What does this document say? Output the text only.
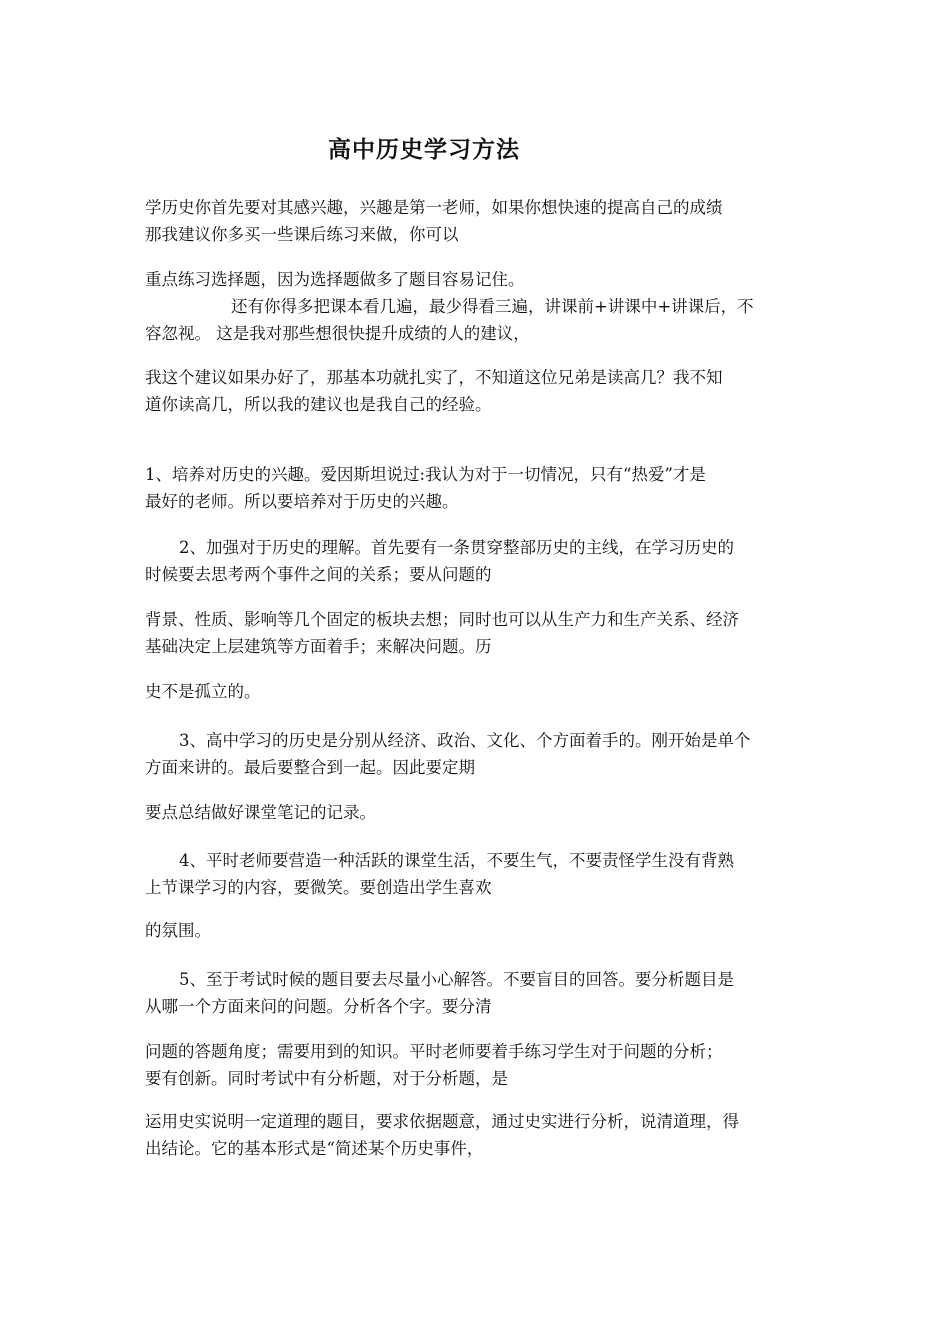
高中历史学习方法
学历史你首先要对其感兴趣，兴趣是第一老师，如果你想快速的提高自己的成绩
那我建议你多买一些课后练习来做，你可以
重点练习选择题，因为选择题做多了题目容易记住。
还有你得多把课本看几遍，最少得看三遍，讲课前+讲课中+讲课后，不
容忽视。 这是我对那些想很快提升成绩的人的建议，
我这个建议如果办好了，那基本功就扎实了，不知道这位兄弟是读高几？我不知
道你读高几，所以我的建议也是我自己的经验。
1、培养对历史的兴趣。爱因斯坦说过:我认为对于一切情况，只有“热爱”才是
最好的老师。所以要培养对于历史的兴趣。
2、加强对于历史的理解。首先要有一条贯穿整部历史的主线，在学习历史的
时候要去思考两个事件之间的关系；要从问题的
背景、性质、影响等几个固定的板块去想；同时也可以从生产力和生产关系、经济
基础决定上层建筑等方面着手；来解决问题。历
史不是孤立的。
3、高中学习的历史是分别从经济、政治、文化、个方面着手的。刚开始是单个
方面来讲的。最后要整合到一起。因此要定期
要点总结做好课堂笔记的记录。
4、平时老师要营造一种活跃的课堂生活，不要生气，不要责怪学生没有背熟
上节课学习的内容，要微笑。要创造出学生喜欢
的氛围。
5、至于考试时候的题目要去尽量小心解答。不要盲目的回答。要分析题目是
从哪一个方面来问的问题。分析各个字。要分清
问题的答题角度；需要用到的知识。平时老师要着手练习学生对于问题的分析；
要有创新。同时考试中有分析题，对于分析题，是
运用史实说明一定道理的题目，要求依据题意，通过史实进行分析，说清道理，得
出结论。它的基本形式是“简述某个历史事件，
